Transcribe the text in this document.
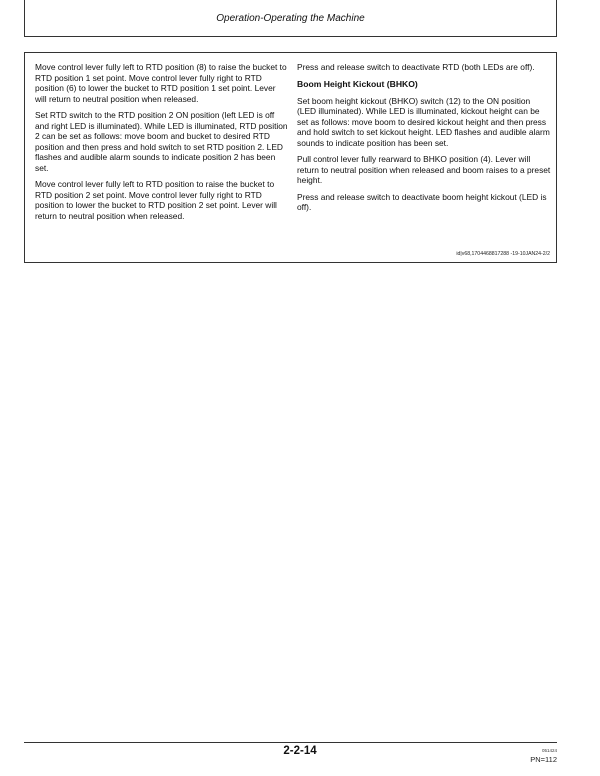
Operation-Operating the Machine

Move control lever fully left to RTD position (8) to raise the bucket to RTD position 1 set point. Move control lever fully right to RTD position (6) to lower the bucket to RTD position 1 set point. Lever will return to neutral position when released.

Set RTD switch to the RTD position 2 ON position (left LED is off and right LED is illuminated). While LED is illuminated, RTD position 2 can be set as follows: move boom and bucket to desired RTD position and then press and hold switch to set RTD position 2. LED flashes and audible alarm sounds to indicate position 2 has been set.

Move control lever fully left to RTD position to raise the bucket to RTD position 2 set point. Move control lever fully right to RTD position to lower the bucket to RTD position 2 set point. Lever will return to neutral position when released.

Press and release switch to deactivate RTD (both LEDs are off).

Boom Height Kickout (BHKO)

Set boom height kickout (BHKO) switch (12) to the ON position (LED illuminated). While LED is illuminated, kickout height can be set as follows: move boom to desired kickout height and then press and hold switch to set kickout height. LED flashes and audible alarm sounds to indicate position has been set.

Pull control lever fully rearward to BHKO position (4). Lever will return to neutral position when released and boom raises to a preset height.

Press and release switch to deactivate boom height kickout (LED is off).

id|v68,1704468817288 -19-10JAN24-2/2
2-2-14	051424
PN=112
